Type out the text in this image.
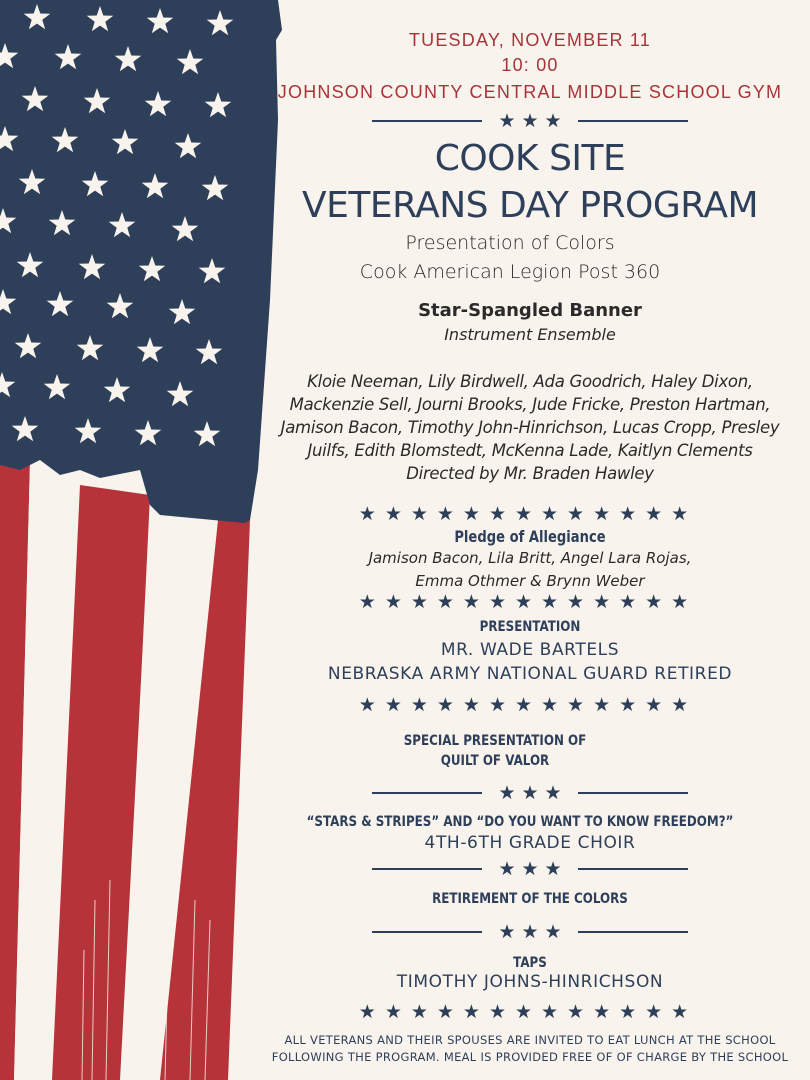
TUESDAY, NOVEMBER 11
10: 00
JOHNSON COUNTY CENTRAL MIDDLE SCHOOL GYM
★★★
COOK SITE
VETERANS DAY PROGRAM
Presentation of Colors
Cook American Legion Post 360
Star-Spangled Banner
Instrument Ensemble
Kloie Neeman, Lily Birdwell, Ada Goodrich, Haley Dixon,
Mackenzie Sell, Journi Brooks, Jude Fricke, Preston Hartman,
Jamison Bacon, Timothy John-Hinrichson, Lucas Cropp, Presley
Juilfs, Edith Blomstedt, McKenna Lade, Kaitlyn Clements
Directed by Mr. Braden Hawley
★★★★★★★★★★★★★
Pledge of Allegiance
Jamison Bacon, Lila Britt, Angel Lara Rojas,
Emma Othmer & Brynn Weber
★★★★★★★★★★★★★
PRESENTATION
MR. WADE BARTELS
NEBRASKA ARMY NATIONAL GUARD RETIRED
★★★★★★★★★★★★★
SPECIAL PRESENTATION OF
QUILT OF VALOR
★★★
“STARS & STRIPES” AND “DO YOU WANT TO KNOW FREEDOM?”
4TH-6TH GRADE CHOIR
★★★
RETIREMENT OF THE COLORS
★★★
TAPS
TIMOTHY JOHNS-HINRICHSON
★★★★★★★★★★★★★
ALL VETERANS AND THEIR SPOUSES ARE INVITED TO EAT LUNCH AT THE SCHOOL
FOLLOWING THE PROGRAM. MEAL IS PROVIDED FREE OF OF CHARGE BY THE SCHOOL
